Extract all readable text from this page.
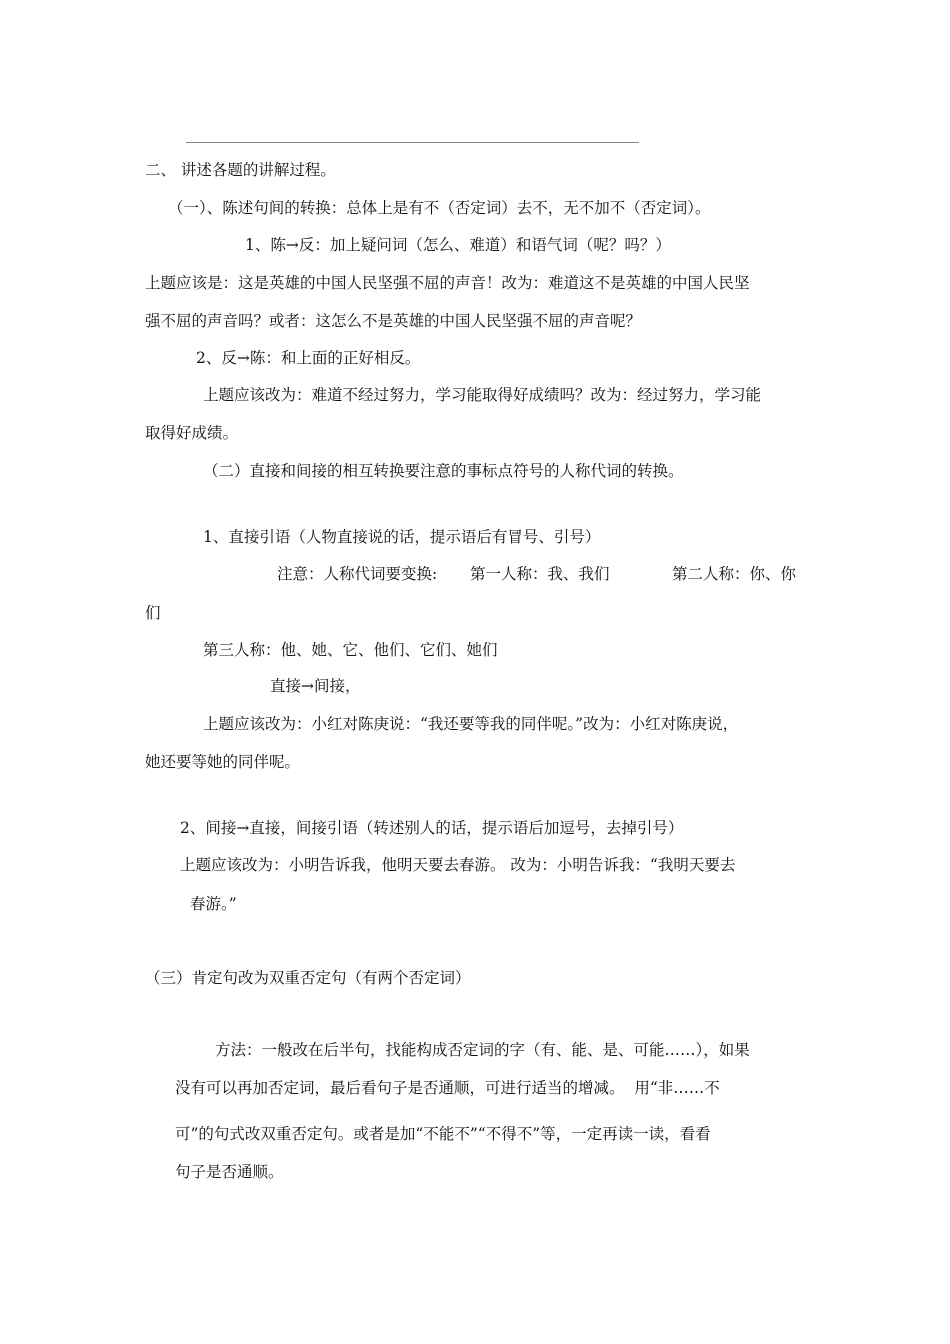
二、 讲述各题的讲解过程。
（一）、陈述句间的转换：总体上是有不（否定词）去不，无不加不（否定词）。
1、陈→反：加上疑问词（怎么、难道）和语气词（呢？吗？）
上题应该是：这是英雄的中国人民坚强不屈的声音！改为：难道这不是英雄的中国人民坚
强不屈的声音吗？或者：这怎么不是英雄的中国人民坚强不屈的声音呢？
2、反→陈：和上面的正好相反。
上题应该改为：难道不经过努力，学习能取得好成绩吗？改为：经过努力，学习能
取得好成绩。
（二）直接和间接的相互转换要注意的事标点符号的人称代词的转换。
1、直接引语（人物直接说的话，提示语后有冒号、引号）
注意：人称代词要变换: 第一人称：我、我们	第二人称：你、你
们
第三人称：他、她、它、他们、它们、她们
直接→间接，
上题应该改为：小红对陈庚说：“我还要等我的同伴呢。”改为：小红对陈庚说，
她还要等她的同伴呢。
2、间接→直接，间接引语（转述别人的话，提示语后加逗号，去掉引号）
上题应该改为：小明告诉我，他明天要去春游。 改为：小明告诉我：“我明天要去
春游。”
（三）肯定句改为双重否定句（有两个否定词）
方法：一般改在后半句，找能构成否定词的字（有、能、是、可能……），如果
没有可以再加否定词，最后看句子是否通顺，可进行适当的增减。  用“非……不
可”的句式改双重否定句。或者是加“不能不”“不得不”等，一定再读一读，看看
句子是否通顺。
